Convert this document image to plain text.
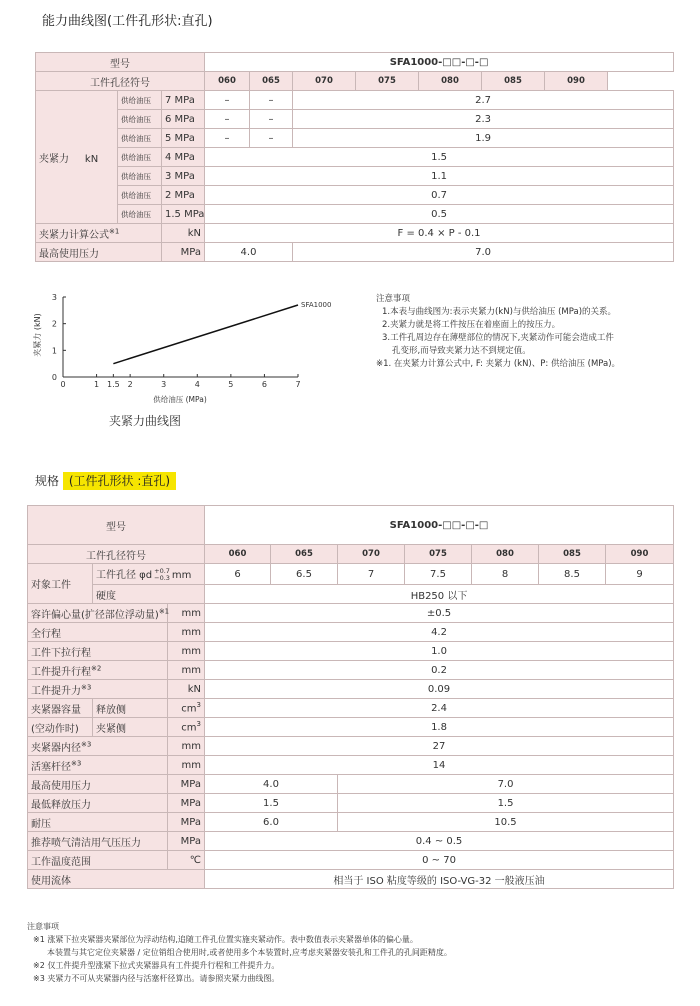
能力曲线图(工件孔形状:直孔)
型号			SFA1000-□□-□-□						
工件孔径符号			060	065	070	075	080	085	090
夹紧力 kN	供给油压	7 MPa	–	–	2.7				
	供给油压	6 MPa	–	–	2.3				
	供给油压	5 MPa	–	–	1.9				
	供给油压	4 MPa	1.5						
	供给油压	3 MPa	1.1						
	供给油压	2 MPa	0.7						
	供给油压	1.5 MPa	0.5						
夹紧力计算公式$^{※1}$		kN	F = 0.4 × P - 0.1						
最高使用压力		MPa	4.0		7.0				
夹紧力 (kN)
0	1 1.5 2	3	4	5	6	7
0
1
2
3
SFA1000
供给油压 (MPa)
夹紧力曲线图
注意事项
1.本表与曲线图为:表示夹紧力(kN)与供给油压 (MPa)的关系。
2.夹紧力就是将工件按压在着座面上的按压力。
3.工件孔周边存在薄壁部位的情况下,夹紧动作可能会造成工件
孔变形,而导致夹紧力达不到规定值。
※1. 在夹紧力计算公式中, F: 夹紧力 (kN)、P: 供给油压 (MPa)。
规格 (工件孔形状 :直孔)
型号			SFA1000-□□-□-□						
工件孔径符号			060	065	070	075	080	085	090
对象工件	工件孔径 φd +0.7
−0.3 mm		6	6.5	7	7.5	8	8.5	9
	硬度		HB250 以下						
容许偏心量(扩径部位浮动量)$^{※1}$		mm	±0.5						
全行程		mm	4.2						
工件下拉行程		mm	1.0						
工件提升行程$^{※2}$		mm	0.2						
工件提升力$^{※3}$		kN	0.09						
夹紧器容量	释放侧	$cm^3$	2.4						
(空动作时)	夹紧侧	$cm^3$	1.8						
夹紧器内径$^{※3}$		mm	27						
活塞杆径$^{※3}$		mm	14						
最高使用压力		MPa	4.0		7.0				
最低释放压力		MPa	1.5		1.5				
耐压		MPa	6.0		10.5				
推荐喷气清洁用气压压力		MPa	0.4 ~ 0.5						
工作温度范围		℃	0 ~ 70						
使用流体			相当于 ISO 粘度等级的 ISO-VG-32 一般液压油						
注意事项
※1 涨紧下拉夹紧器夹紧部位为浮动结构,追随工件孔位置实施夹紧动作。表中数值表示夹紧器单体的偏心量。
本装置与其它定位夹紧器 / 定位销组合使用时,或者使用多个本装置时,应考虑夹紧器安装孔和工件孔的孔间距精度。
※2 仅工件提升型涨紧下拉式夹紧器具有工件提升行程和工件提升力。
※3 夹紧力不可从夹紧器内径与活塞杆径算出。请参照夹紧力曲线图。
